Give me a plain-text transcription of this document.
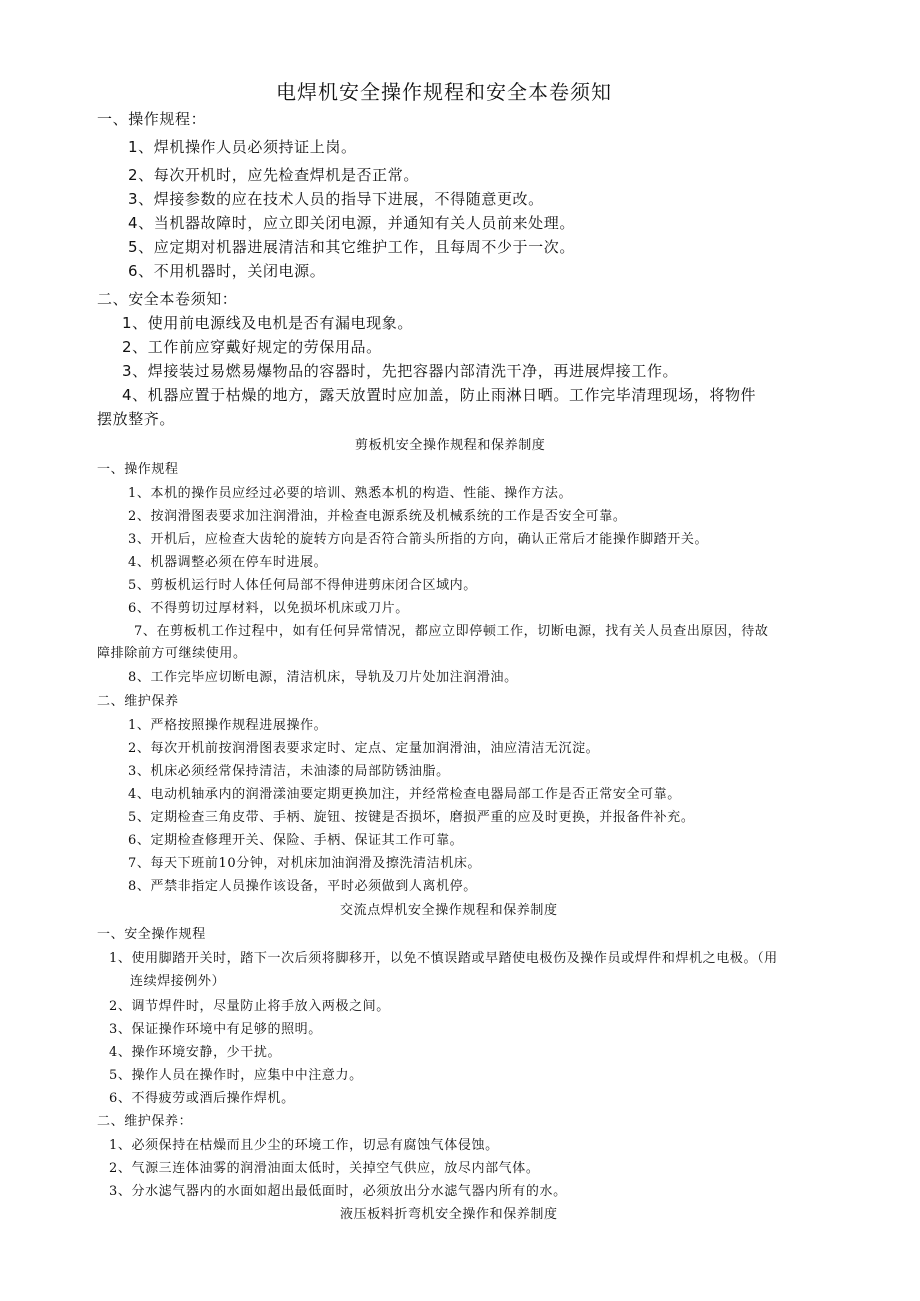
电焊机安全操作规程和安全本卷须知
一、操作规程：
1、焊机操作人员必须持证上岗。
2、每次开机时，应先检查焊机是否正常。
3、焊接参数的应在技术人员的指导下进展，不得随意更改。
4、当机器故障时，应立即关闭电源，并通知有关人员前来处理。
5、应定期对机器进展清洁和其它维护工作，且每周不少于一次。
6、不用机器时，关闭电源。
二、安全本卷须知：
1、使用前电源线及电机是否有漏电现象。
2、工作前应穿戴好规定的劳保用品。
3、焊接装过易燃易爆物品的容器时，先把容器内部清洗干净，再进展焊接工作。
4、机器应置于枯燥的地方，露天放置时应加盖，防止雨淋日晒。工作完毕清理现场，将物件
摆放整齐。
剪板机安全操作规程和保养制度
一、操作规程
1、本机的操作员应经过必要的培训、熟悉本机的构造、性能、操作方法。
2、按润滑图表要求加注润滑油，并检查电源系统及机械系统的工作是否安全可靠。
3、开机后，应检查大齿轮的旋转方向是否符合箭头所指的方向，确认正常后才能操作脚踏开关。
4、机器调整必须在停车时进展。
5、剪板机运行时人体任何局部不得伸进剪床闭合区域内。
6、不得剪切过厚材料，以免损坏机床或刀片。
7、在剪板机工作过程中，如有任何异常情况，都应立即停顿工作，切断电源，找有关人员查出原因，待故
障排除前方可继续使用。
8、工作完毕应切断电源，清洁机床，导轨及刀片处加注润滑油。
二、维护保养
1、严格按照操作规程进展操作。
2、每次开机前按润滑图表要求定时、定点、定量加润滑油，油应清洁无沉淀。
3、机床必须经常保持清洁，未油漆的局部防锈油脂。
4、电动机轴承内的润滑漾油要定期更换加注，并经常检查电器局部工作是否正常安全可靠。
5、定期检查三角皮带、手柄、旋钮、按键是否损坏，磨损严重的应及时更换，并报备件补充。
6、定期检查修理开关、保险、手柄、保证其工作可靠。
7、每天下班前10分钟，对机床加油润滑及擦洗清洁机床。
8、严禁非指定人员操作该设备，平时必须做到人离机停。
交流点焊机安全操作规程和保养制度
一、安全操作规程
1、使用脚踏开关时，踏下一次后须将脚移开，以免不慎误踏或早踏使电极伤及操作员或焊件和焊机之电极。（用
连续焊接例外）
2、调节焊件时，尽量防止将手放入两极之间。
3、保证操作环境中有足够的照明。
4、操作环境安静，少干扰。
5、操作人员在操作时，应集中中注意力。
6、不得疲劳或酒后操作焊机。
二、维护保养：
1、必须保持在枯燥而且少尘的环境工作，切忌有腐蚀气体侵蚀。
2、气源三连体油雾的润滑油面太低时，关掉空气供应，放尽内部气体。
3、分水滤气器内的水面如超出最低面时，必须放出分水滤气器内所有的水。
液压板料折弯机安全操作和保养制度
